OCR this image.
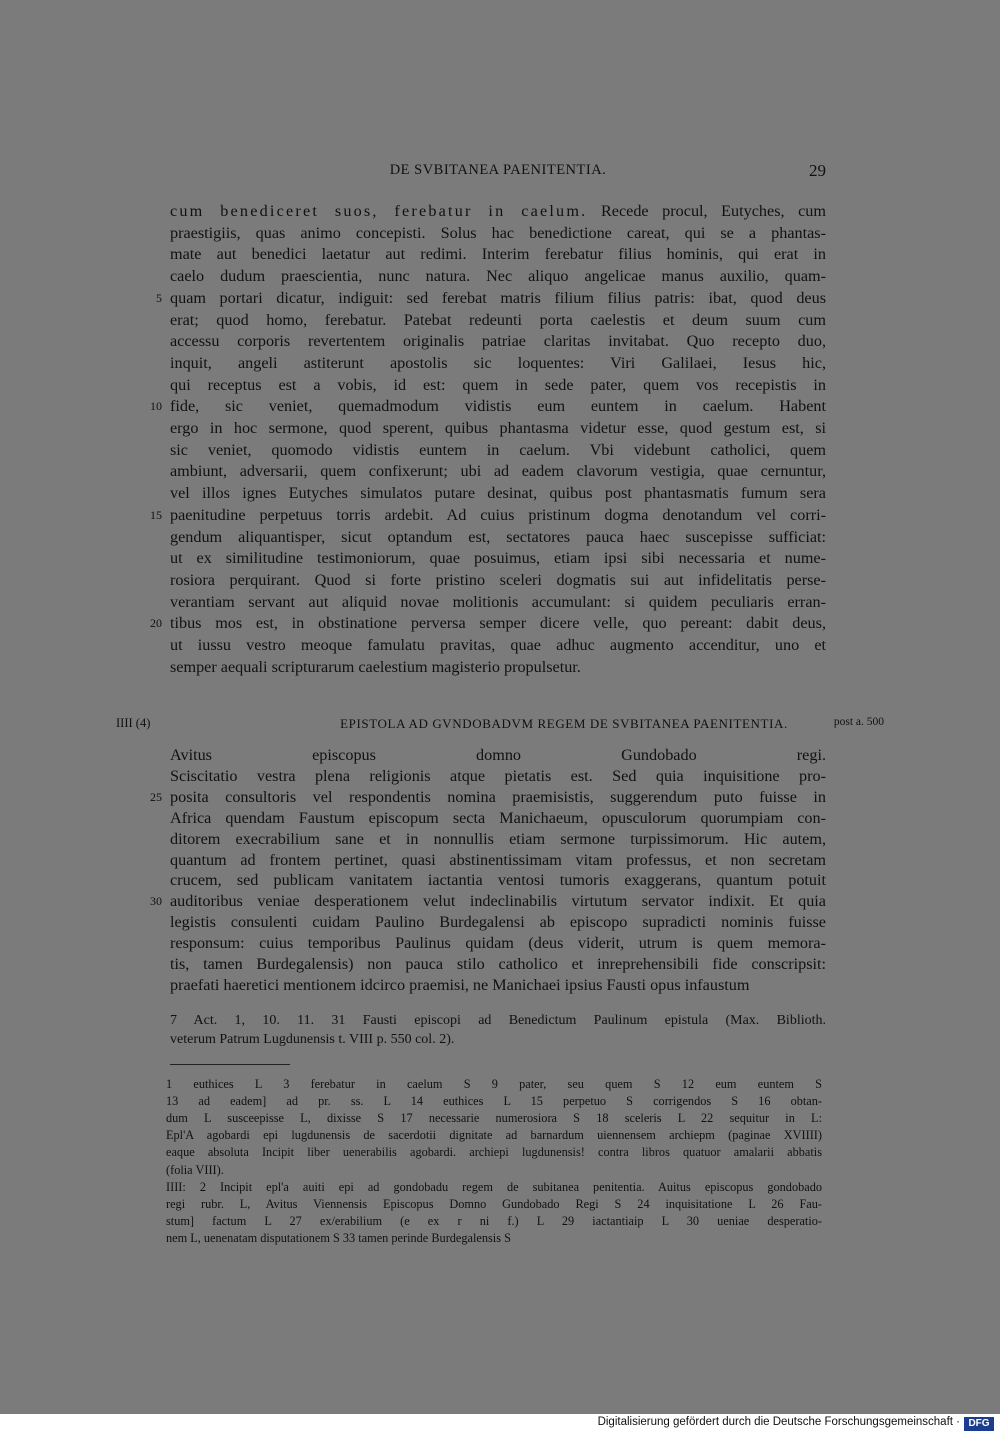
DE SVBITANEA PAENITENTIA.	29
cum benediceret suos, ferebatur in caelum. Recede procul, Eutyches, cum
praestigiis, quas animo concepisti. Solus hac benedictione careat, qui se a phantas-
mate aut benedici laetatur aut redimi. Interim ferebatur filius hominis, qui erat in
caelo dudum praescientia, nunc natura. Nec aliquo angelicae manus auxilio, quam-
quam portari dicatur, indiguit: sed ferebat matris filium filius patris: ibat, quod deus
5
erat; quod homo, ferebatur. Patebat redeunti porta caelestis et deum suum cum
accessu corporis revertentem originalis patriae claritas invitabat. Quo recepto duo,
inquit, angeli astiterunt apostolis sic loquentes: Viri Galilaei, Iesus hic,
qui receptus est a vobis, id est: quem in sede pater, quem vos recepistis in
fide, sic veniet, quemadmodum vidistis eum euntem in caelum. Habent
10
ergo in hoc sermone, quod sperent, quibus phantasma videtur esse, quod gestum est, si
sic veniet, quomodo vidistis euntem in caelum. Vbi videbunt catholici, quem
ambiunt, adversarii, quem confixerunt; ubi ad eadem clavorum vestigia, quae cernuntur,
vel illos ignes Eutyches simulatos putare desinat, quibus post phantasmatis fumum sera
paenitudine perpetuus torris ardebit. Ad cuius pristinum dogma denotandum vel corri-
15
gendum aliquantisper, sicut optandum est, sectatores pauca haec suscepisse sufficiat:
ut ex similitudine testimoniorum, quae posuimus, etiam ipsi sibi necessaria et nume-
rosiora perquirant. Quod si forte pristino sceleri dogmatis sui aut infidelitatis perse-
verantiam servant aut aliquid novae molitionis accumulant: si quidem peculiaris erran-
tibus mos est, in obstinatione perversa semper dicere velle, quo pereant: dabit deus,
20
ut iussu vestro meoque famulatu pravitas, quae adhuc augmento accenditur, uno et
semper aequali scripturarum caelestium magisterio propulsetur.
IIII (4)	EPISTOLA AD GVNDOBADVM REGEM DE SVBITANEA PAENITENTIA.	post a. 500
Avitus episcopus domno Gundobado regi.
Sciscitatio vestra plena religionis atque pietatis est. Sed quia inquisitione pro-
posita consultoris vel respondentis nomina praemisistis, suggerendum puto fuisse in
25
Africa quendam Faustum episcopum secta Manichaeum, opusculorum quorumpiam con-
ditorem execrabilium sane et in nonnullis etiam sermone turpissimorum. Hic autem,
quantum ad frontem pertinet, quasi abstinentissimam vitam professus, et non secretam
crucem, sed publicam vanitatem iactantia ventosi tumoris exaggerans, quantum potuit
auditoribus veniae desperationem velut indeclinabilis virtutum servator indixit. Et quia
30
legistis consulenti cuidam Paulino Burdegalensi ab episcopo supradicti nominis fuisse
responsum: cuius temporibus Paulinus quidam (deus viderit, utrum is quem memora-
tis, tamen Burdegalensis) non pauca stilo catholico et inreprehensibili fide conscripsit:
praefati haeretici mentionem idcirco praemisi, ne Manichaei ipsius Fausti opus infaustum
7 Act. 1, 10. 11. 31 Fausti episcopi ad Benedictum Paulinum epistula (Max. Biblioth.
veterum Patrum Lugdunensis t. VIII p. 550 col. 2).
1 euthices L 3 ferebatur in caelum S 9 pater, seu quem S 12 eum euntem S
13 ad eadem] ad pr. ss. L 14 euthices L 15 perpetuo S corrigendos S 16 obtan-
dum L susceepisse L, dixisse S 17 necessarie numerosiora S 18 sceleris L 22 sequitur in L:
Epl'A agobardi epi lugdunensis de sacerdotii dignitate ad barnardum uiennensem archiepm (paginae XVIIII)
eaque absoluta Incipit liber uenerabilis agobardi. archiepi lugdunensis! contra libros quatuor amalarii abbatis
(folia VIII).
IIII: 2 Incipit epl'a auiti epi ad gondobadu regem de subitanea penitentia. Auitus episcopus gondobado
regi rubr. L, Avitus Viennensis Episcopus Domno Gundobado Regi S 24 inquisitatione L 26 Fau-
stum] factum L 27 ex/erabilium (e ex r ni f.) L 29 iactantiaip L 30 ueniae desperatio-
nem L, uenenatam disputationem S 33 tamen perinde Burdegalensis S
Digitalisierung gefördert durch die Deutsche Forschungsgemeinschaft · DFG
